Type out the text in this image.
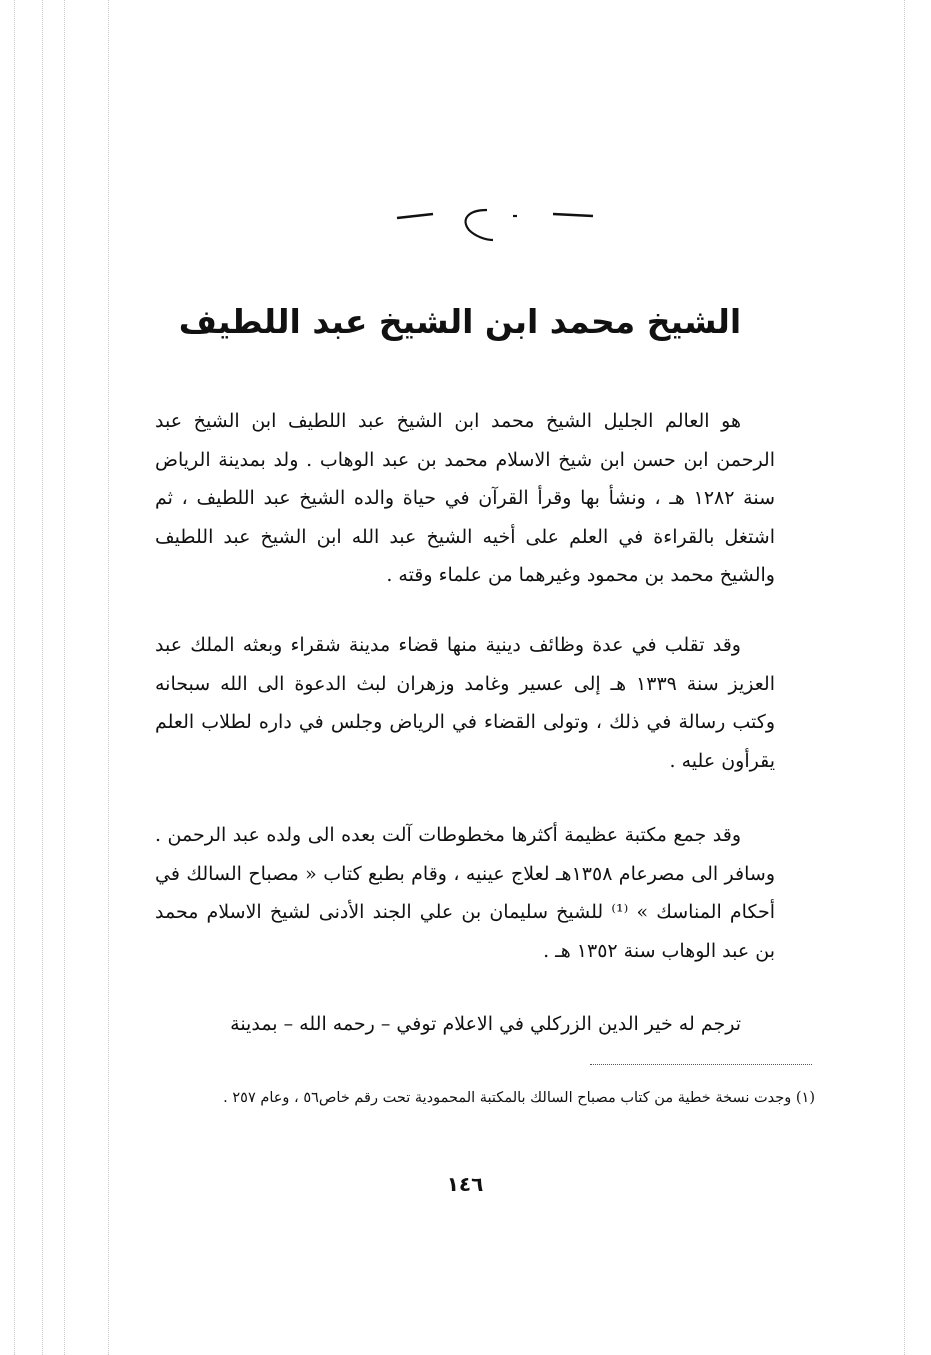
الشيخ محمد ابن الشيخ عبد اللطيف

هو العالم الجليل الشيخ محمد ابن الشيخ عبد اللطيف ابن الشيخ عبد الرحمن ابن حسن ابن شيخ الاسلام محمد بن عبد الوهاب . ولد بمدينة الرياض سنة ١٢٨٢ هـ ، ونشأ بها وقرأ القرآن في حياة والده الشيخ عبد اللطيف ، ثم اشتغل بالقراءة في العلم على أخيه الشيخ عبد الله ابن الشيخ عبد اللطيف والشيخ محمد بن محمود وغيرهما من علماء وقته .

وقد تقلب في عدة وظائف دينية منها قضاء مدينة شقراء وبعثه الملك عبد العزيز سنة ١٣٣٩ هـ إلى عسير وغامد وزهران لبث الدعوة الى الله سبحانه وكتب رسالة في ذلك ، وتولى القضاء في الرياض وجلس في داره لطلاب العلم يقرأون عليه .

وقد جمع مكتبة عظيمة أكثرها مخطوطات آلت بعده الى ولده عبد الرحمن . وسافر الى مصرعام ١٣٥٨هـ لعلاج عينيه ، وقام بطبع كتاب « مصباح السالك في أحكام المناسك » ⁽¹⁾ للشيخ سليمان بن علي الجند الأدنى لشيخ الاسلام محمد بن عبد الوهاب سنة ١٣٥٢ هـ .

ترجم له خير الدين الزركلي في الاعلام توفي – رحمه الله – بمدينة

(١) وجدت نسخة خطية من كتاب مصباح السالك بالمكتبة المحمودية تحت رقم خاص٥٦ ، وعام ٢٥٧ .

١٤٦
